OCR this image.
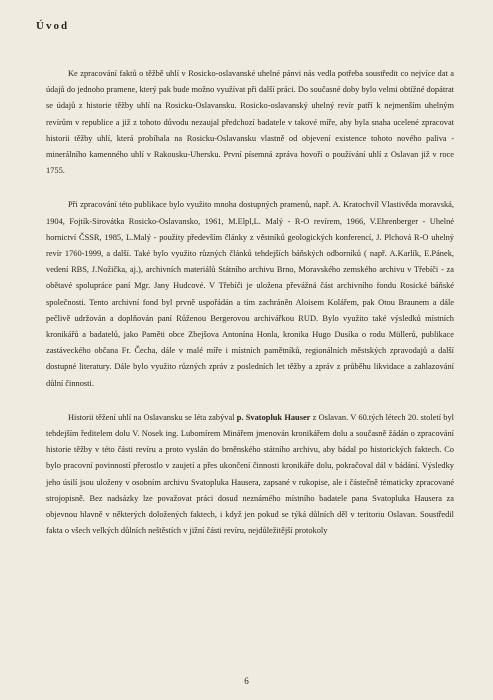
Úvod

Ke zpracování faktů o těžbě uhlí v Rosicko-oslavanské uhelné pánvi nás vedla potřeba soustředit co nejvíce dat a údajů do jednoho pramene, který pak bude možno využívat při další práci. Do současné doby bylo velmi obtížné dopátrat se údajů z historie těžby uhlí na Rosicku-Oslavansku. Rosicko-oslavanský uhelný revír patří k nejmenším uhelným revírům v republice a již z tohoto důvodu nezaujal předchozí badatele v takové míře, aby byla snaha ucelené zpracovat historii těžby uhlí, která probíhala na Rosicku-Oslavansku vlastně od objevení existence tohoto nového paliva - minerálního kamenného uhlí v Rakousku-Uhersku. První písemná zpráva hovoří o používání uhlí z Oslavan již v roce 1755.

Při zpracování této publikace bylo využito mnoha dostupných pramenů, např. A. Kratochvíl Vlastivěda moravská, 1904, Fojtík-Sirovátka Rosicko-Oslavansko, 1961, M.Elpl,L. Malý - R-O revírem, 1966, V.Ehrenberger - Uhelné hornictví ČSSR, 1985, L.Malý - použity především články z věstníků geologických konferencí, J. Plchová R-O uhelný revír 1760-1999, a další. Také bylo využito různých článků tehdejších báňských odborníků ( např. A.Karlík, E.Pánek, vedení RBS, J.Nožička, aj.), archivních materiálů Státního archivu Brno, Moravského zemského archivu v Třebíči - za obětavé spolupráce paní Mgr. Jany Hudcové. V Třebíči je uložena převážná část archivního fondu Rosické báňské společnosti. Tento archivní fond byl prvně uspořádán a tím zachráněn Aloisem Kolářem, pak Otou Braunem a dále pečlivě udržován a doplňován paní Růženou Bergerovou archivářkou RUD. Bylo využito také výsledků místních kronikářů a badatelů, jako Paměti obce Zbejšova Antonína Honla, kronika Hugo Dusíka o rodu Müllerů, publikace zastáveckého občana Fr. Čecha, dále v malé míře i místních pamětníků, regionálních městských zpravodajů a další dostupné literatury. Dále bylo využito různých zpráv z posledních let těžby a zpráv z průběhu likvidace a zahlazování důlní činnosti.

Historii těžení uhlí na Oslavansku se léta zabýval p. Svatopluk Hauser z Oslavan. V 60.tých létech 20. století byl tehdejším ředitelem dolu V. Nosek ing. Lubomírem Minářem jmenován kronikářem dolu a současně žádán o zpracování historie těžby v této části revíru a proto vyslán do brněnského státního archivu, aby bádal po historických faktech. Co bylo pracovní povinností přerostlo v zaujetí a přes ukončení činnosti kronikáře dolu, pokračoval dál v bádání. Výsledky jeho úsilí jsou uloženy v osobním archivu Svatopluka Hausera, zapsané v rukopise, ale i částečně tématicky zpracované strojopisně. Bez nadsázky lze považovat práci dosud neznámého místního badatele pana Svatopluka Hausera za objevnou hlavně v některých doložených faktech, i když jen pokud se týká důlních děl v teritoriu Oslavan. Soustředil fakta o všech velkých důlních neštěstích v jižní části revíru, nejdůležitější protokoly

6
